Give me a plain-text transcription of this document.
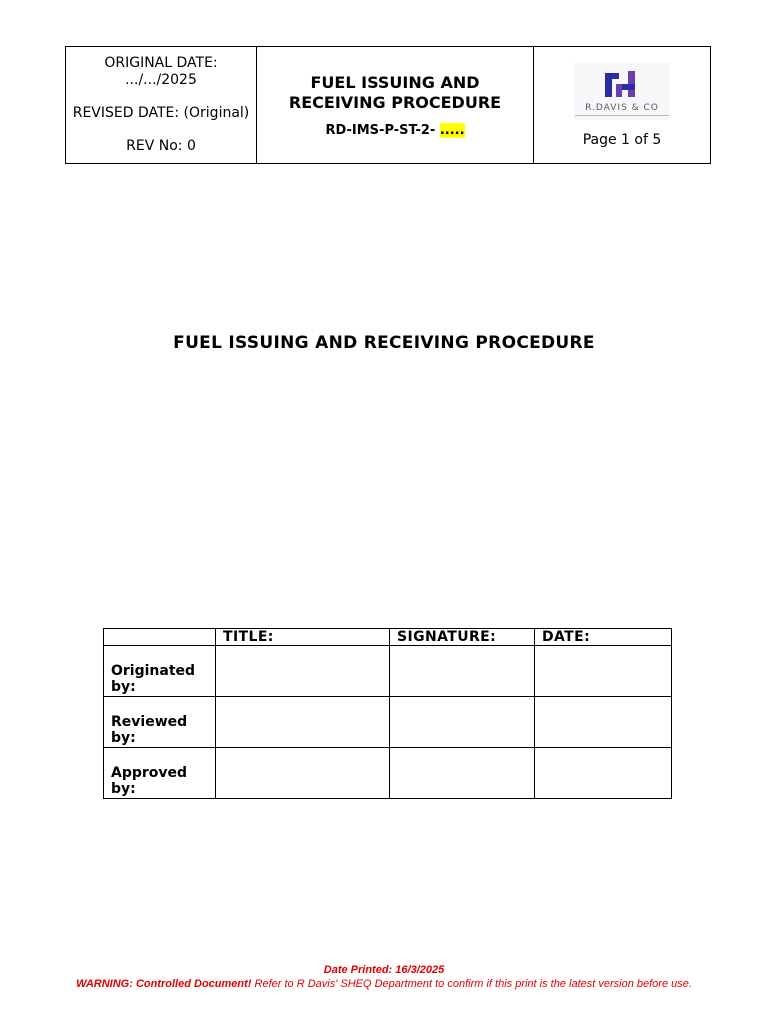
ORIGINAL DATE:

.../.../2025

REVISED DATE: (Original)

REV No: 0

FUEL ISSUING AND

RECEIVING PROCEDURE

RD-IMS-P-ST-2- .....

R.DAVIS & CO
Page 1 of 5
FUEL ISSUING AND RECEIVING PROCEDURE
	TITLE:	SIGNATURE:	DATE:
Originated by:			
Reviewed by:			
Approved by:			
Date Printed: 16/3/2025
WARNING: Controlled Document! Refer to R Davis' SHEQ Department to confirm if this print is the latest version before use.
